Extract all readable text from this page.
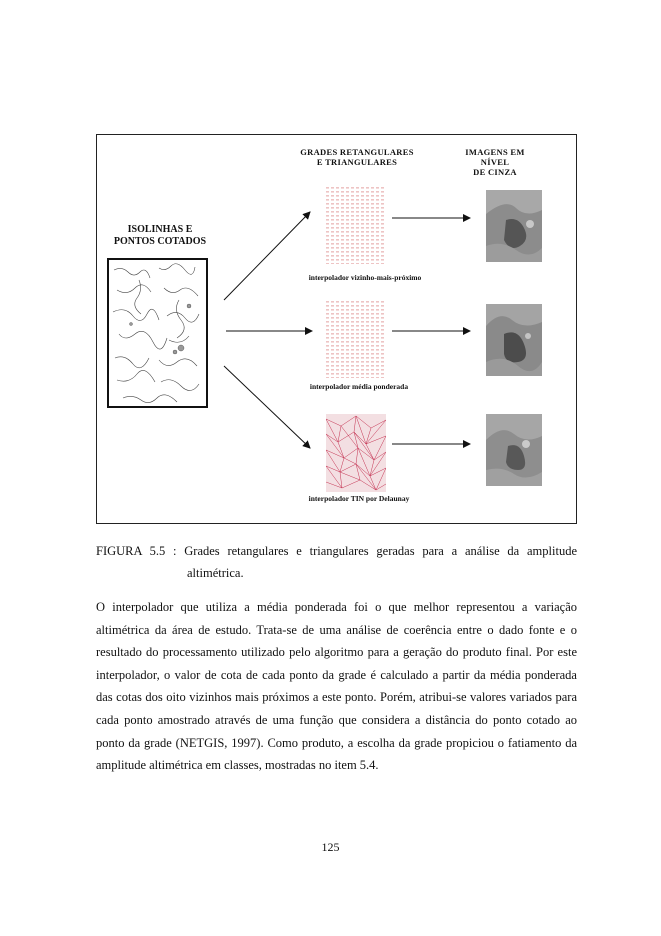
GRADES RETANGULARES
E TRIANGULARES
IMAGENS EM NÍVEL
DE CINZA
ISOLINHAS E
PONTOS COTADOS
interpolador vizinho-mais-próximo
interpolador média ponderada
interpolador TIN por Delaunay
FIGURA 5.5 : Grades retangulares e triangulares geradas para a análise da amplitude
altimétrica.
O interpolador que utiliza a média ponderada foi o que melhor representou a variação altimétrica da área de estudo. Trata-se de uma análise de coerência entre o dado fonte e o resultado do processamento utilizado pelo algoritmo para a geração do produto final. Por este interpolador, o valor de cota de cada ponto da grade é calculado a partir da média ponderada das cotas dos oito vizinhos mais próximos a este ponto. Porém, atribui-se valores variados para cada ponto amostrado através de uma função que considera a distância do ponto cotado ao ponto da grade (NETGIS, 1997). Como produto, a escolha da grade propiciou o fatiamento da amplitude altimétrica em classes, mostradas no item 5.4.
125
